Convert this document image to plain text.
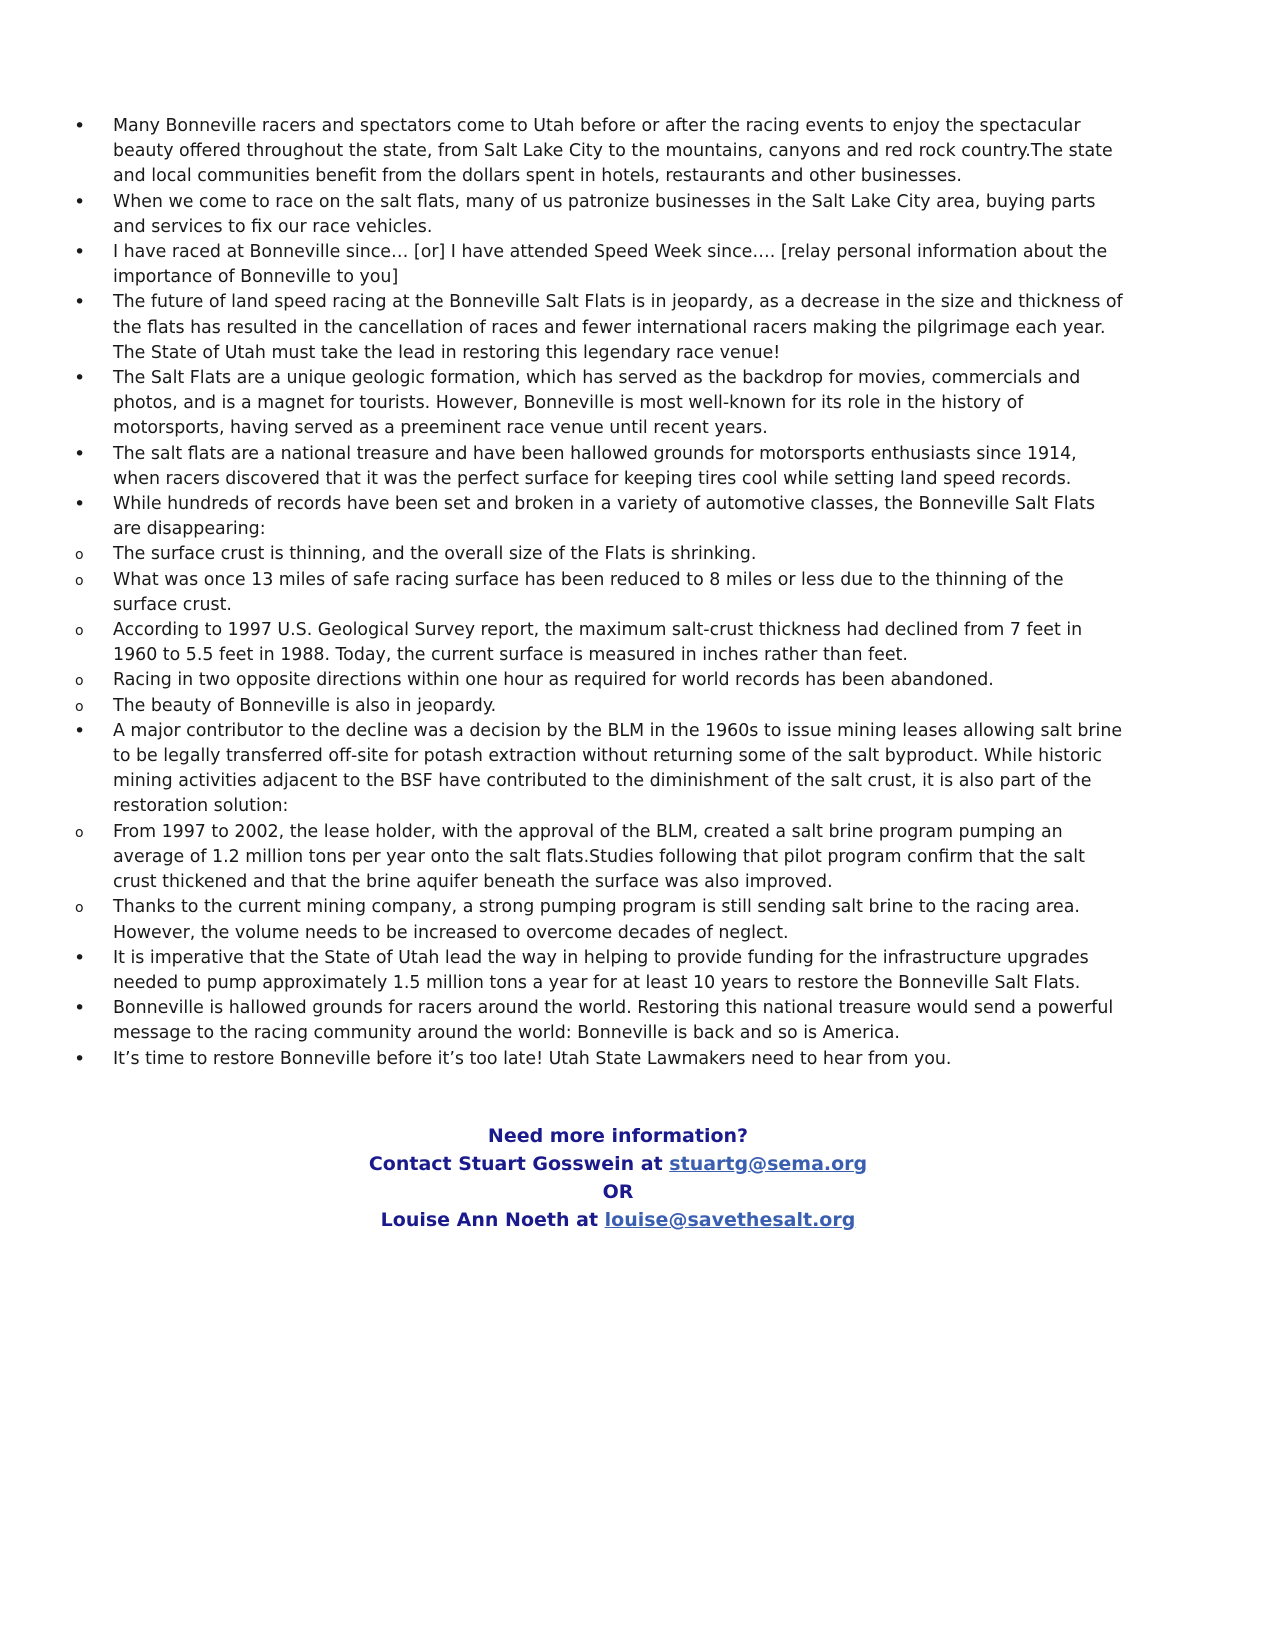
•	Many Bonneville racers and spectators come to Utah before or after the racing events to enjoy the spectacular beauty offered throughout the state, from Salt Lake City to the mountains, canyons and red rock country.The state and local communities benefit from the dollars spent in hotels, restaurants and other businesses.
•	When we come to race on the salt flats, many of us patronize businesses in the Salt Lake City area, buying parts and services to fix our race vehicles.
•	I have raced at Bonneville since… [or] I have attended Speed Week since…. [relay personal information about the importance of Bonneville to you]
•	The future of land speed racing at the Bonneville Salt Flats is in jeopardy, as a decrease in the size and thickness of the flats has resulted in the cancellation of races and fewer international racers making the pilgrimage each year. The State of Utah must take the lead in restoring this legendary race venue!
•	The Salt Flats are a unique geologic formation, which has served as the backdrop for movies, commercials and photos, and is a magnet for tourists. However, Bonneville is most well-known for its role in the history of motorsports, having served as a preeminent race venue until recent years.
•	The salt flats are a national treasure and have been hallowed grounds for motorsports enthusiasts since 1914, when racers discovered that it was the perfect surface for keeping tires cool while setting land speed records.
•	While hundreds of records have been set and broken in a variety of automotive classes, the Bonneville Salt Flats are disappearing:
o	The surface crust is thinning, and the overall size of the Flats is shrinking.
o	What was once 13 miles of safe racing surface has been reduced to 8 miles or less due to the thinning of the surface crust.
o	According to 1997 U.S. Geological Survey report, the maximum salt-crust thickness had declined from 7 feet in 1960 to 5.5 feet in 1988. Today, the current surface is measured in inches rather than feet.
o	Racing in two opposite directions within one hour as required for world records has been abandoned.
o	The beauty of Bonneville is also in jeopardy.
•	A major contributor to the decline was a decision by the BLM in the 1960s to issue mining leases allowing salt brine to be legally transferred off-site for potash extraction without returning some of the salt byproduct. While historic mining activities adjacent to the BSF have contributed to the diminishment of the salt crust, it is also part of the restoration solution:
o	From 1997 to 2002, the lease holder, with the approval of the BLM, created a salt brine program pumping an average of 1.2 million tons per year onto the salt flats.Studies following that pilot program confirm that the salt crust thickened and that the brine aquifer beneath the surface was also improved.
o	Thanks to the current mining company, a strong pumping program is still sending salt brine to the racing area. However, the volume needs to be increased to overcome decades of neglect.
•	It is imperative that the State of Utah lead the way in helping to provide funding for the infrastructure upgrades needed to pump approximately 1.5 million tons a year for at least 10 years to restore the Bonneville Salt Flats.
•	Bonneville is hallowed grounds for racers around the world. Restoring this national treasure would send a powerful message to the racing community around the world: Bonneville is back and so is America.
•	It’s time to restore Bonneville before it’s too late! Utah State Lawmakers need to hear from you.

Need more information?

Contact Stuart Gosswein at stuartg@sema.org

OR

Louise Ann Noeth at louise@savethesalt.org
